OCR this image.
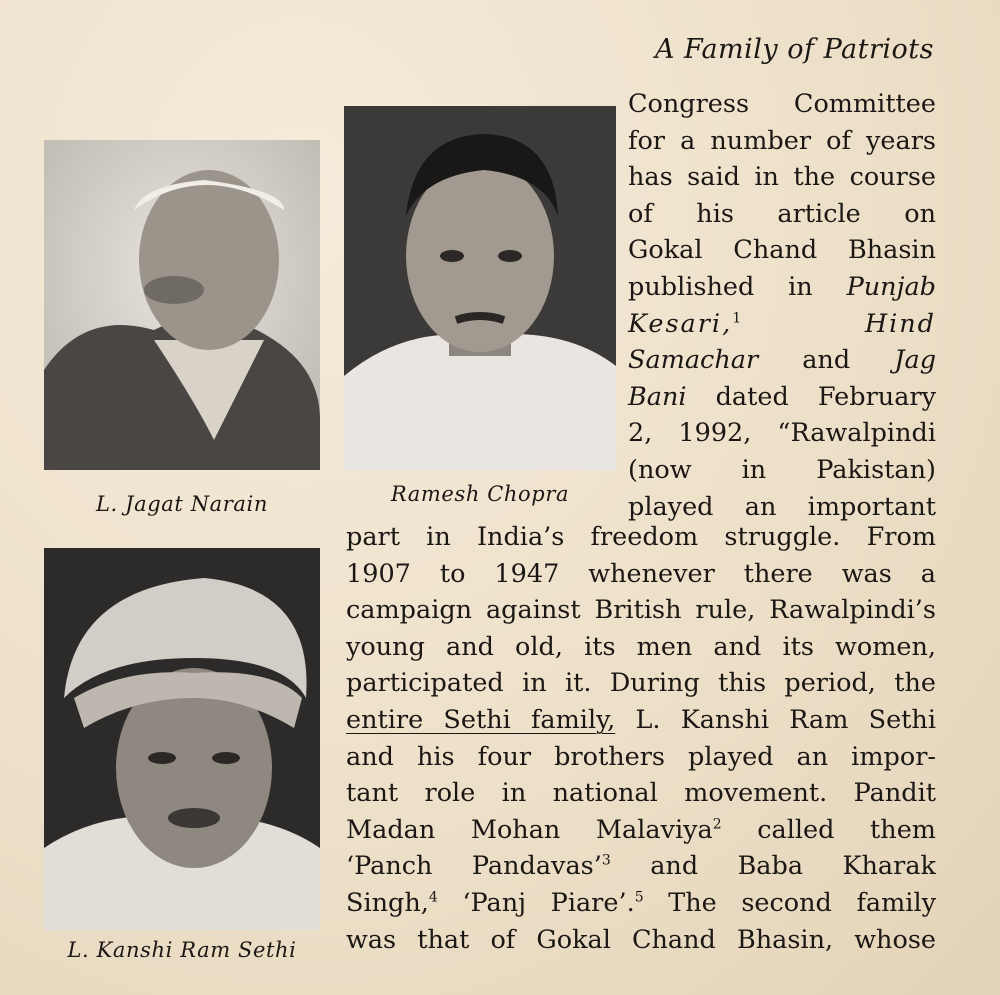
A Family of Patriots
L. Jagat Narain	Ramesh Chopra
L. Kanshi Ram Sethi
Congress Committee
for a number of years
has said in the course
of his article on
Gokal Chand Bhasin
published in Punjab
Kesari,$^1$	Hind
Samachar and Jag
Bani dated February
2, 1992, “Rawalpindi
(now in Pakistan)
played an important
part in India’s freedom struggle. From
1907 to 1947 whenever there was a
campaign against British rule, Rawalpindi’s
young and old, its men and its women,
participated in it. During this period, the
entire Sethi family, L. Kanshi Ram Sethi
and his four brothers played an impor-
tant role in national movement. Pandit
Madan Mohan Malaviya$^2$ called them
‘Panch Pandavas’$^3$ and Baba Kharak
Singh,$^4$ ‘Panj Piare’.$^5$ The second family
was that of Gokal Chand Bhasin, whose
